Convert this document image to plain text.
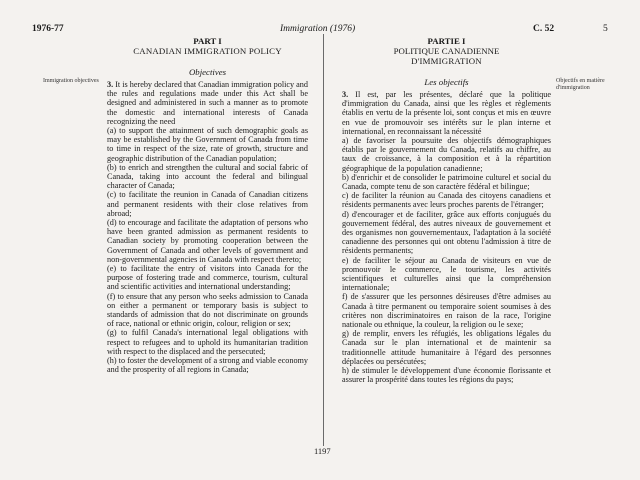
1976-77	Immigration (1976)	C. 52	5
Immigration objectives
PART I
CANADIAN IMMIGRATION POLICY
Objectives

3. It is hereby declared that Canadian immigration policy and the rules and regulations made under this Act shall be designed and administered in such a manner as to promote the domestic and international interests of Canada recognizing the need

(a) to support the attainment of such demographic goals as may be established by the Government of Canada from time to time in respect of the size, rate of growth, structure and geographic distribution of the Canadian population;

(b) to enrich and strengthen the cultural and social fabric of Canada, taking into account the federal and bilingual character of Canada;

(c) to facilitate the reunion in Canada of Canadian citizens and permanent residents with their close relatives from abroad;

(d) to encourage and facilitate the adaptation of persons who have been granted admission as permanent residents to Canadian society by promoting cooperation between the Government of Canada and other levels of government and non-governmental agencies in Canada with respect thereto;

(e) to facilitate the entry of visitors into Canada for the purpose of fostering trade and commerce, tourism, cultural and scientific activities and international understanding;

(f) to ensure that any person who seeks admission to Canada on either a permanent or temporary basis is subject to standards of admission that do not discriminate on grounds of race, national or ethnic origin, colour, religion or sex;

(g) to fulfil Canada's international legal obligations with respect to refugees and to uphold its humanitarian tradition with respect to the displaced and the persecuted;

(h) to foster the development of a strong and viable economy and the prosperity of all regions in Canada;

PARTIE I
POLITIQUE CANADIENNE
D'IMMIGRATION
Les objectifs

3. Il est, par les présentes, déclaré que la politique d'immigration du Canada, ainsi que les règles et règlements établis en vertu de la présente loi, sont conçus et mis en œuvre en vue de promouvoir ses intérêts sur le plan interne et international, en reconnaissant la nécessité

a) de favoriser la poursuite des objectifs démographiques établis par le gouvernement du Canada, relatifs au chiffre, au taux de croissance, à la composition et à la répartition géographique de la population canadienne;

b) d'enrichir et de consolider le patrimoine culturel et social du Canada, compte tenu de son caractère fédéral et bilingue;

c) de faciliter la réunion au Canada des citoyens canadiens et résidents permanents avec leurs proches parents de l'étranger;

d) d'encourager et de faciliter, grâce aux efforts conjugués du gouvernement fédéral, des autres niveaux de gouvernement et des organismes non gouvernementaux, l'adaptation à la société canadienne des personnes qui ont obtenu l'admission à titre de résidents permanents;

e) de faciliter le séjour au Canada de visiteurs en vue de promouvoir le commerce, le tourisme, les activités scientifiques et culturelles ainsi que la compréhension internationale;

f) de s'assurer que les personnes désireuses d'être admises au Canada à titre permanent ou temporaire soient soumises à des critères non discriminatoires en raison de la race, l'origine nationale ou ethnique, la couleur, la religion ou le sexe;

g) de remplir, envers les réfugiés, les obligations légales du Canada sur le plan international et de maintenir sa traditionnelle attitude humanitaire à l'égard des personnes déplacées ou persécutées;

h) de stimuler le développement d'une économie florissante et assurer la prospérité dans toutes les régions du pays;

Objectifs en matière d'immigration
1197
